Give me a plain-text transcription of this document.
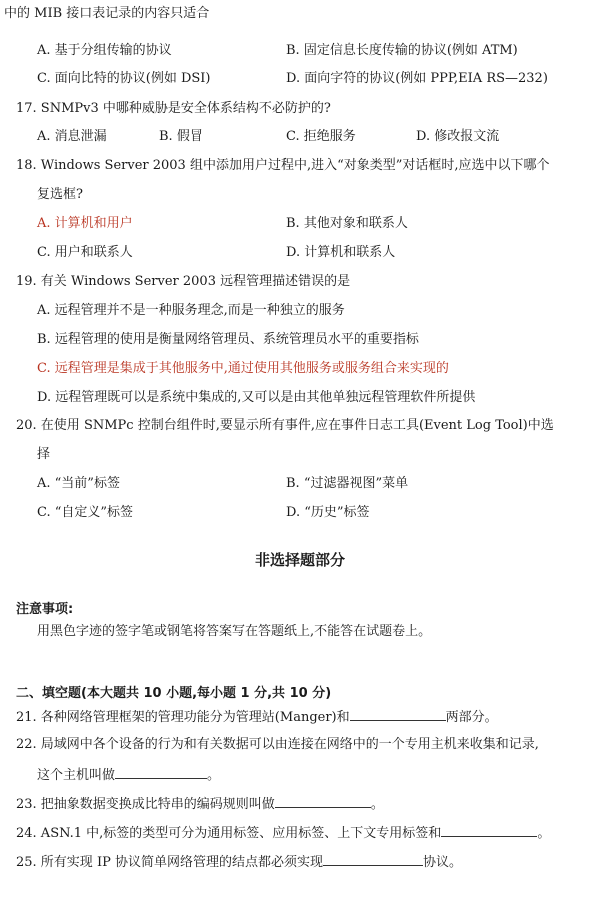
中的 MIB 接口表记录的内容只适合
A. 基于分组传输的协议	B. 固定信息长度传输的协议(例如 ATM)
C. 面向比特的协议(例如 DSI)	D. 面向字符的协议(例如 PPP,EIA RS—232)
17. SNMPv3 中哪种威胁是安全体系结构不必防护的?
A. 消息泄漏	B. 假冒	C. 拒绝服务	D. 修改报文流
18. Windows Server 2003 组中添加用户过程中,进入“对象类型”对话框时,应选中以下哪个
复选框?
A. 计算机和用户	B. 其他对象和联系人
C. 用户和联系人	D. 计算机和联系人
19. 有关 Windows Server 2003 远程管理描述错误的是
A. 远程管理并不是一种服务理念,而是一种独立的服务
B. 远程管理的使用是衡量网络管理员、系统管理员水平的重要指标
C. 远程管理是集成于其他服务中,通过使用其他服务或服务组合来实现的
D. 远程管理既可以是系统中集成的,又可以是由其他单独远程管理软件所提供
20. 在使用 SNMPc 控制台组件时,要显示所有事件,应在事件日志工具(Event Log Tool)中选
择
A. “当前”标签	B. “过滤器视图”菜单
C. “自定义”标签	D. “历史”标签
非选择题部分
注意事项:
用黑色字迹的签字笔或钢笔将答案写在答题纸上,不能答在试题卷上。
二、填空题(本大题共 10 小题,每小题 1 分,共 10 分)
21. 各种网络管理框架的管理功能分为管理站(Manger)和	两部分。
22. 局域网中各个设备的行为和有关数据可以由连接在网络中的一个专用主机来收集和记录,
这个主机叫做	。
23. 把抽象数据变换成比特串的编码规则叫做	。
24. ASN.1 中,标签的类型可分为通用标签、应用标签、上下文专用标签和	。
25. 所有实现 IP 协议简单网络管理的结点都必须实现	协议。
